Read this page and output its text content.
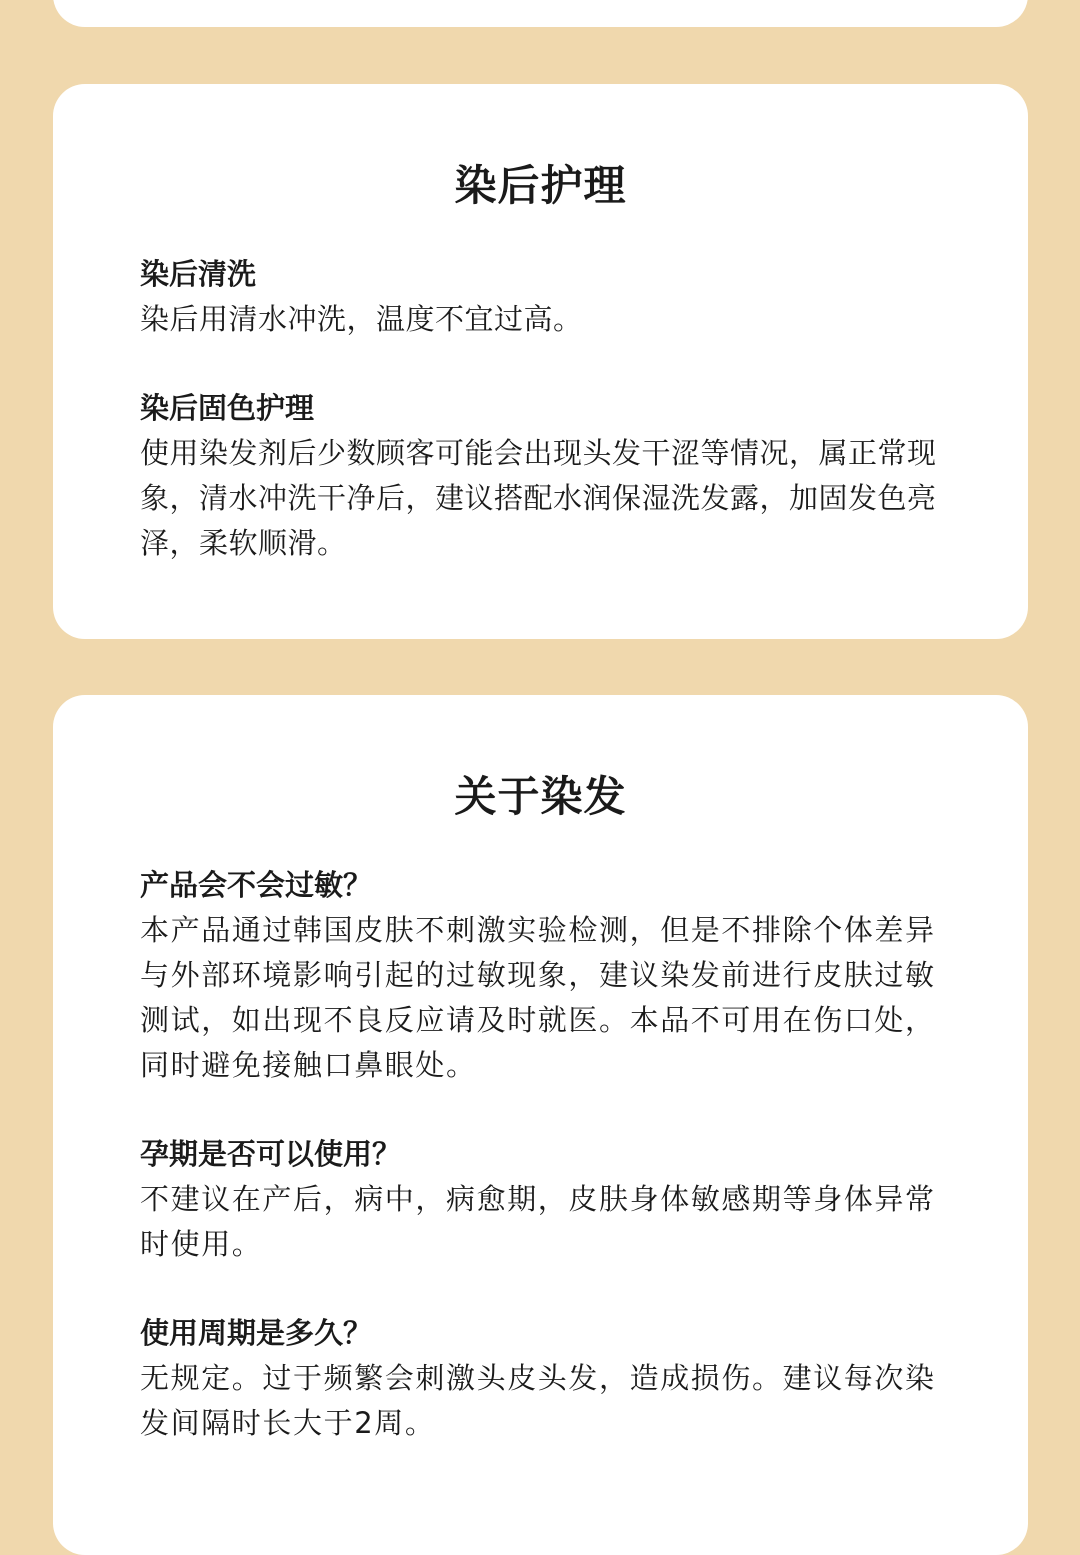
染后护理

染后清洗

染后用清水冲洗，温度不宜过高。

染后固色护理

使用染发剂后少数顾客可能会出现头发干涩等情况，属正常现象，清水冲洗干净后，建议搭配水润保湿洗发露，加固发色亮泽，柔软顺滑。

关于染发

产品会不会过敏？

本产品通过韩国皮肤不刺激实验检测，但是不排除个体差异与外部环境影响引起的过敏现象，建议染发前进行皮肤过敏测试，如出现不良反应请及时就医。本品不可用在伤口处，同时避免接触口鼻眼处。

孕期是否可以使用？

不建议在产后，病中，病愈期，皮肤身体敏感期等身体异常时使用。

使用周期是多久？

无规定。过于频繁会刺激头皮头发，造成损伤。建议每次染发间隔时长大于2周。
